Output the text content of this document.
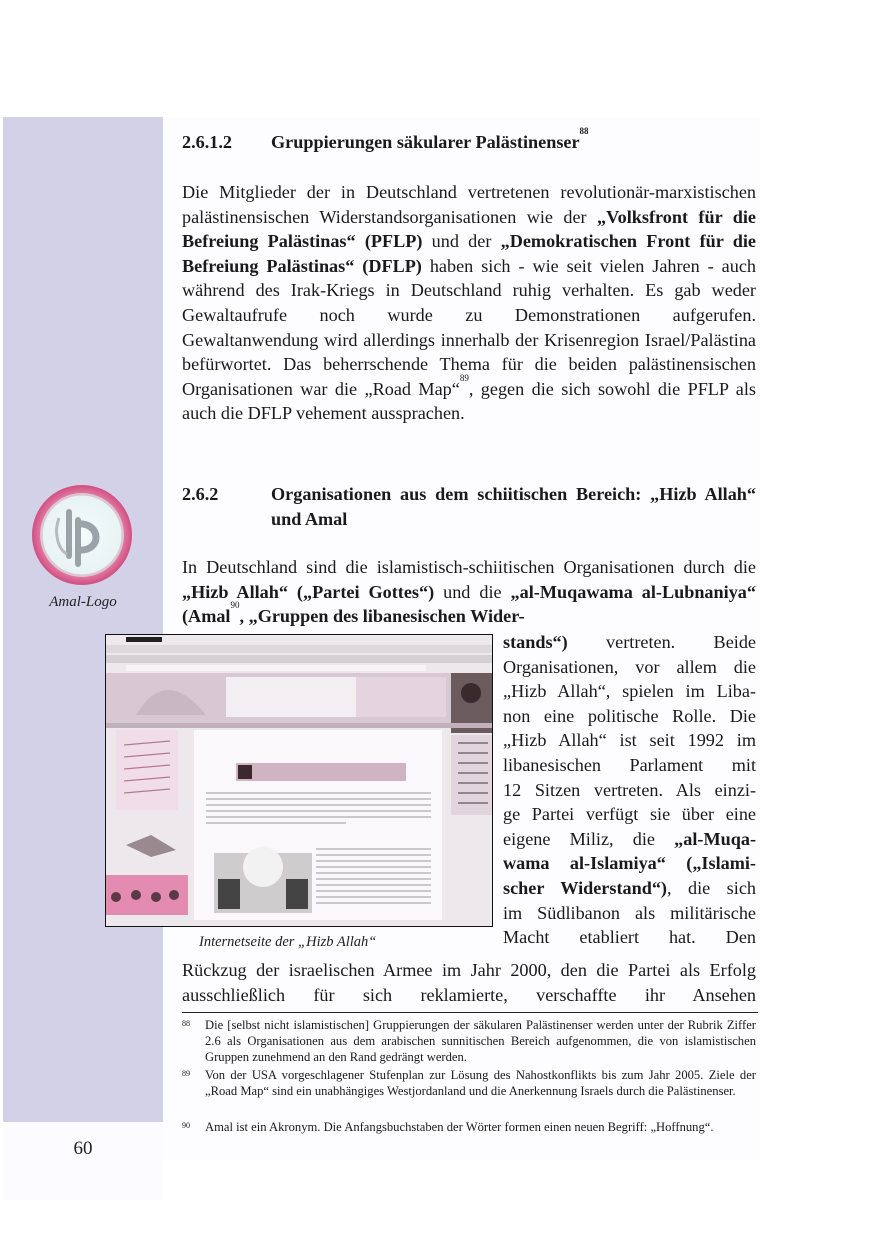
60
2.6.1.2 Gruppierungen säkularer Palästinenser$^{88}$

Die Mitglieder der in Deutschland vertretenen revolutionär-marxistischen palästinensischen Widerstandsorganisationen wie der „Volksfront für die Befreiung Palästinas“ (PFLP) und der „Demokratischen Front für die Befreiung Palästinas“ (DFLP) haben sich - wie seit vielen Jahren - auch während des Irak-Kriegs in Deutschland ruhig verhalten. Es gab weder Gewaltaufrufe noch wurde zu Demonstrationen aufgerufen. Gewaltanwendung wird allerdings innerhalb der Krisenregion Israel/Palästina befürwortet. Das beherrschende Thema für die beiden palästinensischen Organisationen war die „Road Map“$^{89}$, gegen die sich sowohl die PFLP als auch die DFLP vehement aussprachen.

2.6.2	Organisationen aus dem schiitischen Bereich: „Hizb Allah“ und Amal

In Deutschland sind die islamistisch-schiitischen Organisationen durch die „Hizb Allah“ („Partei Gottes“) und die „al-Muqawama al-Lubnaniya“ (Amal$^{90}$, „Gruppen des libanesischen Wider-

Amal-Logo
Internetseite der „Hizb Allah“

stands“) vertreten. Beide

Organisationen, vor allem die

„Hizb Allah“, spielen im Liba-

non eine politische Rolle. Die

„Hizb Allah“ ist seit 1992 im

libanesischen Parlament mit

12 Sitzen vertreten. Als einzi-

ge Partei verfügt sie über eine

eigene Miliz, die „al-Muqa-

wama al-Islamiya“ („Islami-

scher Widerstand“), die sich

im Südlibanon als militärische

Macht etabliert hat. Den

Rückzug der israelischen Armee im Jahr 2000, den die Partei als Erfolg ausschließlich für sich reklamierte, verschaffte ihr Ansehen
88	Die [selbst nicht islamistischen] Gruppierungen der säkularen Palästinenser werden unter der Rubrik Ziffer 2.6 als Organisationen aus dem arabischen sunnitischen Bereich aufgenommen, die von islamistischen Gruppen zunehmend an den Rand gedrängt werden.
89	Von der USA vorgeschlagener Stufenplan zur Lösung des Nahostkonflikts bis zum Jahr 2005. Ziele der „Road Map“ sind ein unabhängiges Westjordanland und die Anerkennung Israels durch die Palästinenser.
90	Amal ist ein Akronym. Die Anfangsbuchstaben der Wörter formen einen neuen Begriff: „Hoffnung“.
